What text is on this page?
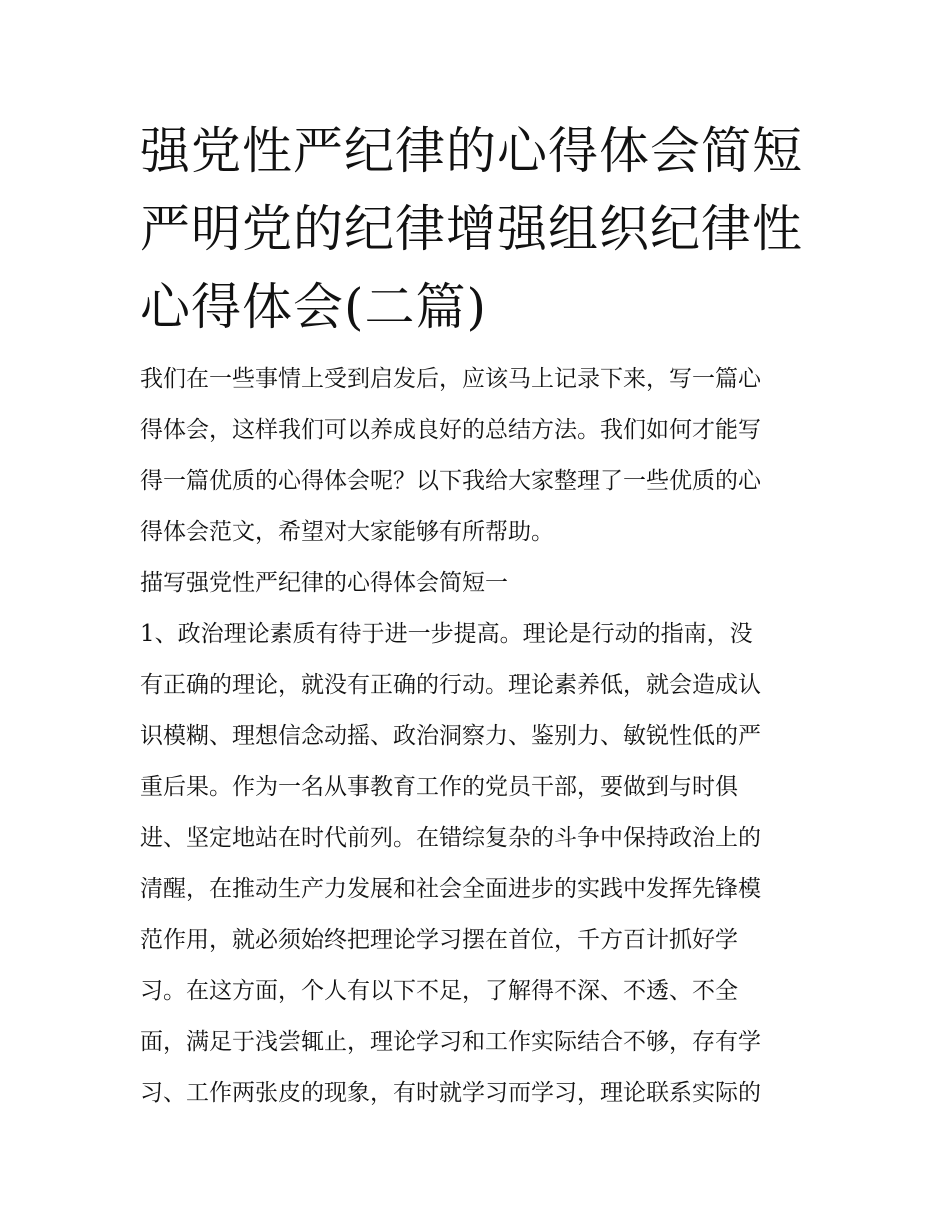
强党性严纪律的心得体会简短
严明党的纪律增强组织纪律性
心得体会(二篇)

我们在一些事情上受到启发后，应该马上记录下来，写一篇心
得体会，这样我们可以养成良好的总结方法。我们如何才能写
得一篇优质的心得体会呢？以下我给大家整理了一些优质的心
得体会范文，希望对大家能够有所帮助。

描写强党性严纪律的心得体会简短一

1、政治理论素质有待于进一步提高。理论是行动的指南，没
有正确的理论，就没有正确的行动。理论素养低，就会造成认
识模糊、理想信念动摇、政治洞察力、鉴别力、敏锐性低的严
重后果。作为一名从事教育工作的党员干部，要做到与时俱
进、坚定地站在时代前列。在错综复杂的斗争中保持政治上的
清醒，在推动生产力发展和社会全面进步的实践中发挥先锋模
范作用，就必须始终把理论学习摆在首位，千方百计抓好学
习。在这方面，个人有以下不足，了解得不深、不透、不全
面，满足于浅尝辄止，理论学习和工作实际结合不够，存有学
习、工作两张皮的现象，有时就学习而学习，理论联系实际的
